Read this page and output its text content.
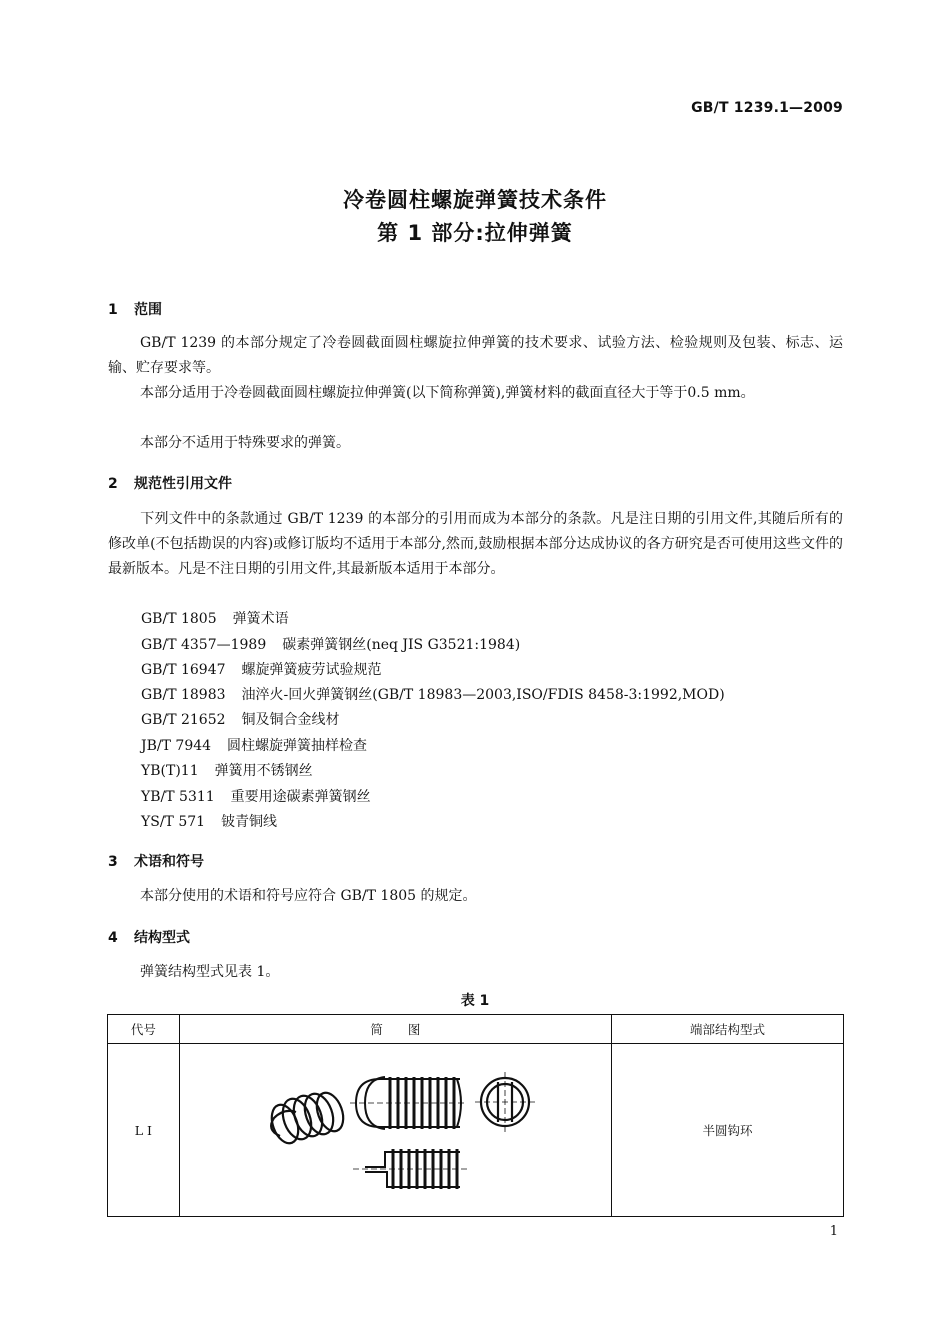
GB/T 1239.1—2009
冷卷圆柱螺旋弹簧技术条件
第 1 部分:拉伸弹簧
1 范围
GB/T 1239 的本部分规定了冷卷圆截面圆柱螺旋拉伸弹簧的技术要求、试验方法、检验规则及包装、标志、运输、贮存要求等。
本部分适用于冷卷圆截面圆柱螺旋拉伸弹簧(以下简称弹簧),弹簧材料的截面直径大于等于0.5 mm。
本部分不适用于特殊要求的弹簧。
2 规范性引用文件
下列文件中的条款通过 GB/T 1239 的本部分的引用而成为本部分的条款。凡是注日期的引用文件,其随后所有的修改单(不包括勘误的内容)或修订版均不适用于本部分,然而,鼓励根据本部分达成协议的各方研究是否可使用这些文件的最新版本。凡是不注日期的引用文件,其最新版本适用于本部分。
GB/T 1805 弹簧术语
GB/T 4357—1989 碳素弹簧钢丝(neq JIS G3521:1984)
GB/T 16947 螺旋弹簧疲劳试验规范
GB/T 18983 油淬火-回火弹簧钢丝(GB/T 18983—2003,ISO/FDIS 8458-3:1992,MOD)
GB/T 21652 铜及铜合金线材
JB/T 7944 圆柱螺旋弹簧抽样检查
YB(T)11 弹簧用不锈钢丝
YB/T 5311 重要用途碳素弹簧钢丝
YS/T 571 铍青铜线
3 术语和符号
本部分使用的术语和符号应符合 GB/T 1805 的规定。
4 结构型式
弹簧结构型式见表 1。
表 1
代号	简　　图	端部结构型式
L Ⅰ		半圆钩环
1
